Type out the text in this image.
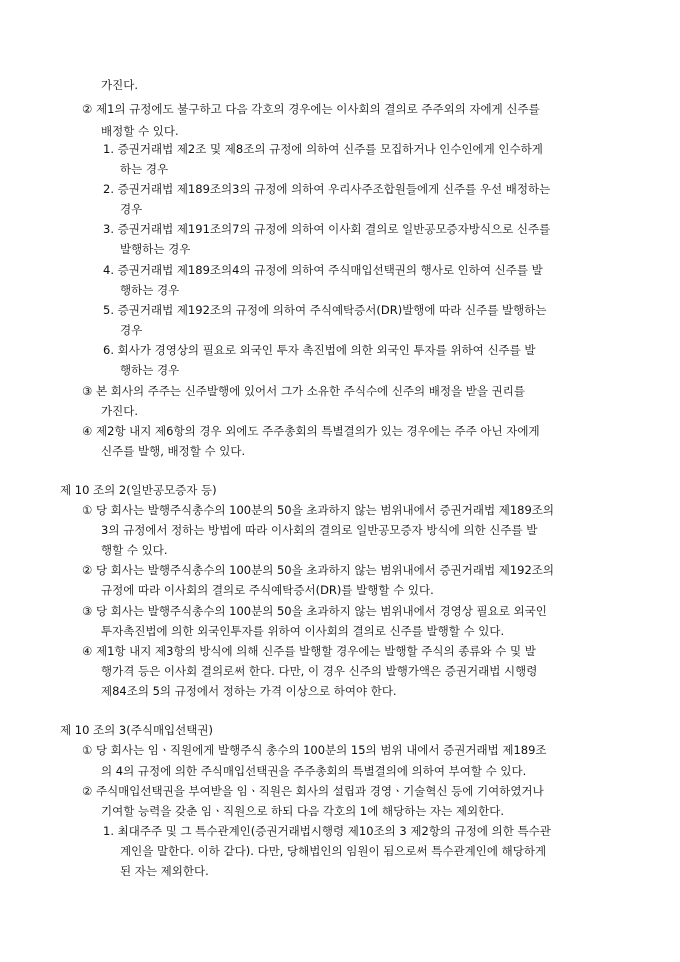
가진다.
② 제1의 규정에도 불구하고 다음 각호의 경우에는 이사회의 결의로 주주외의 자에게 신주를
배정할 수 있다.
1. 증권거래법 제2조 및 제8조의 규정에 의하여 신주를 모집하거나 인수인에게 인수하게
하는 경우
2. 증권거래법 제189조의3의 규정에 의하여 우리사주조합원들에게 신주를 우선 배정하는
경우
3. 증권거래법 제191조의7의 규정에 의하여 이사회 결의로 일반공모증자방식으로 신주를
발행하는 경우
4. 증권거래법 제189조의4의 규정에 의하여 주식매입선택권의 행사로 인하여 신주를 발
행하는 경우
5. 증권거래법 제192조의 규정에 의하여 주식예탁증서(DR)발행에 따라 신주를 발행하는
경우
6. 회사가 경영상의 필요로 외국인 투자 촉진법에 의한 외국인 투자를 위하여 신주를 발
행하는 경우
③ 본 회사의 주주는 신주발행에 있어서 그가 소유한 주식수에 신주의 배정을 받을 권리를
가진다.
④ 제2항 내지 제6항의 경우 외에도 주주총회의 특별결의가 있는 경우에는 주주 아닌 자에게
신주를 발행, 배정할 수 있다.
제 10 조의 2(일반공모증자 등)
① 당 회사는 발행주식총수의 100분의 50을 초과하지 않는 범위내에서 증권거래법 제189조의
3의 규정에서 정하는 방법에 따라 이사회의 결의로 일반공모증자 방식에 의한 신주를 발
행할 수 있다.
② 당 회사는 발행주식총수의 100분의 50을 초과하지 않는 범위내에서 증권거래법 제192조의
규정에 따라 이사회의 결의로 주식예탁증서(DR)를 발행할 수 있다.
③ 당 회사는 발행주식총수의 100분의 50을 초과하지 않는 범위내에서 경영상 필요로 외국인
투자촉진법에 의한 외국인투자를 위하여 이사회의 결의로 신주를 발행할 수 있다.
④ 제1항 내지 제3항의 방식에 의해 신주를 발행할 경우에는 발행할 주식의 종류와 수 및 발
행가격 등은 이사회 결의로써 한다. 다만, 이 경우 신주의 발행가액은 증권거래법 시행령
제84조의 5의 규정에서 정하는 가격 이상으로 하여야 한다.
제 10 조의 3(주식매입선택권)
① 당 회사는 임ㆍ직원에게 발행주식 총수의 100분의 15의 범위 내에서 증권거래법 제189조
의 4의 규정에 의한 주식매입선택권을 주주총회의 특별결의에 의하여 부여할 수 있다.
② 주식매입선택권을 부여받을 임ㆍ직원은 회사의 설립과 경영ㆍ기술혁신 등에 기여하였거나
기여할 능력을 갖춘 임ㆍ직원으로 하되 다음 각호의 1에 해당하는 자는 제외한다.
1. 최대주주 및 그 특수관계인(증권거래법시행령 제10조의 3 제2항의 규정에 의한 특수관
계인을 말한다. 이하 같다). 다만, 당해법인의 임원이 됨으로써 특수관계인에 해당하게
된 자는 제외한다.
